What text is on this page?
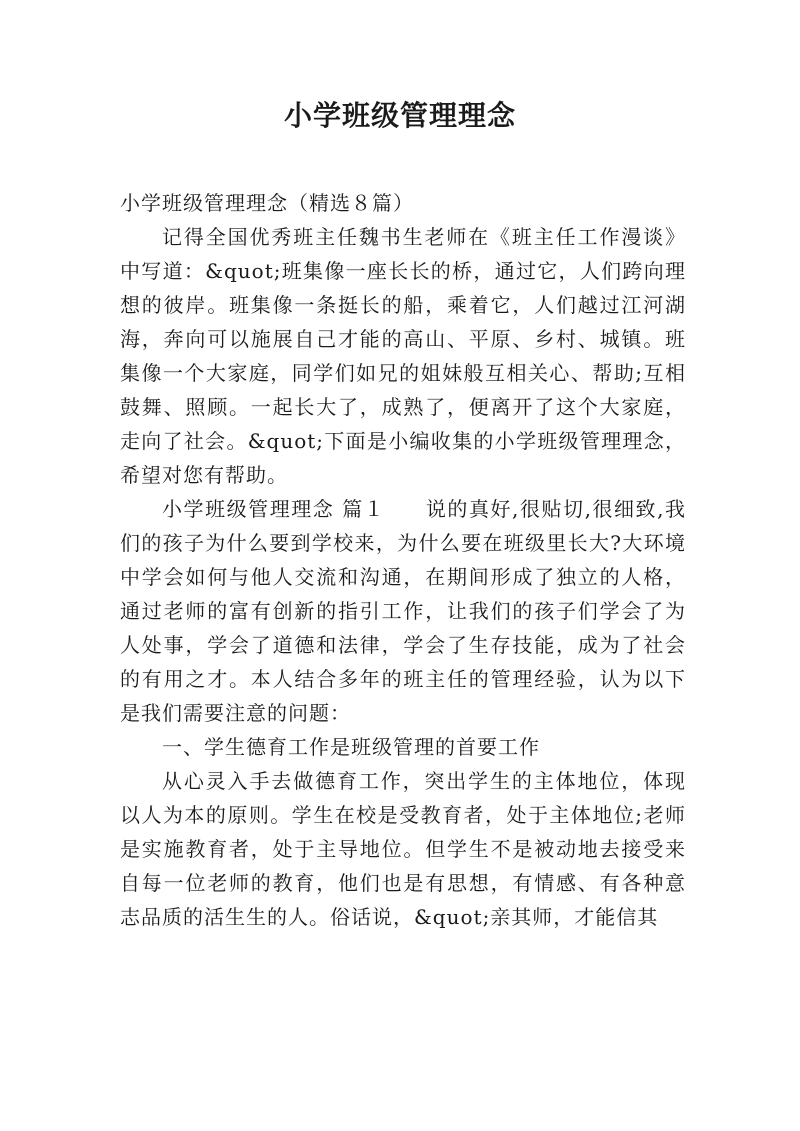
小学班级管理理念

小学班级管理理念（精选８篇）

记得全国优秀班主任魏书生老师在《班主任工作漫谈》中写道：&quot;班集像一座长长的桥，通过它，人们跨向理想的彼岸。班集像一条挺长的船，乘着它，人们越过江河湖海，奔向可以施展自己才能的高山、平原、乡村、城镇。班集像一个大家庭，同学们如兄的姐妹般互相关心、帮助;互相鼓舞、照顾。一起长大了，成熟了，便离开了这个大家庭，走向了社会。&quot;下面是小编收集的小学班级管理理念，希望对您有帮助。

小学班级管理理念 篇１ 说的真好,很贴切,很细致,我们的孩子为什么要到学校来，为什么要在班级里长大?大环境中学会如何与他人交流和沟通，在期间形成了独立的人格，通过老师的富有创新的指引工作，让我们的孩子们学会了为人处事，学会了道德和法律，学会了生存技能，成为了社会的有用之才。本人结合多年的班主任的管理经验，认为以下是我们需要注意的问题：

一、学生德育工作是班级管理的首要工作

从心灵入手去做德育工作，突出学生的主体地位，体现以人为本的原则。学生在校是受教育者，处于主体地位;老师是实施教育者，处于主导地位。但学生不是被动地去接受来自每一位老师的教育，他们也是有思想，有情感、有各种意志品质的活生生的人。俗话说，&quot;亲其师，才能信其
